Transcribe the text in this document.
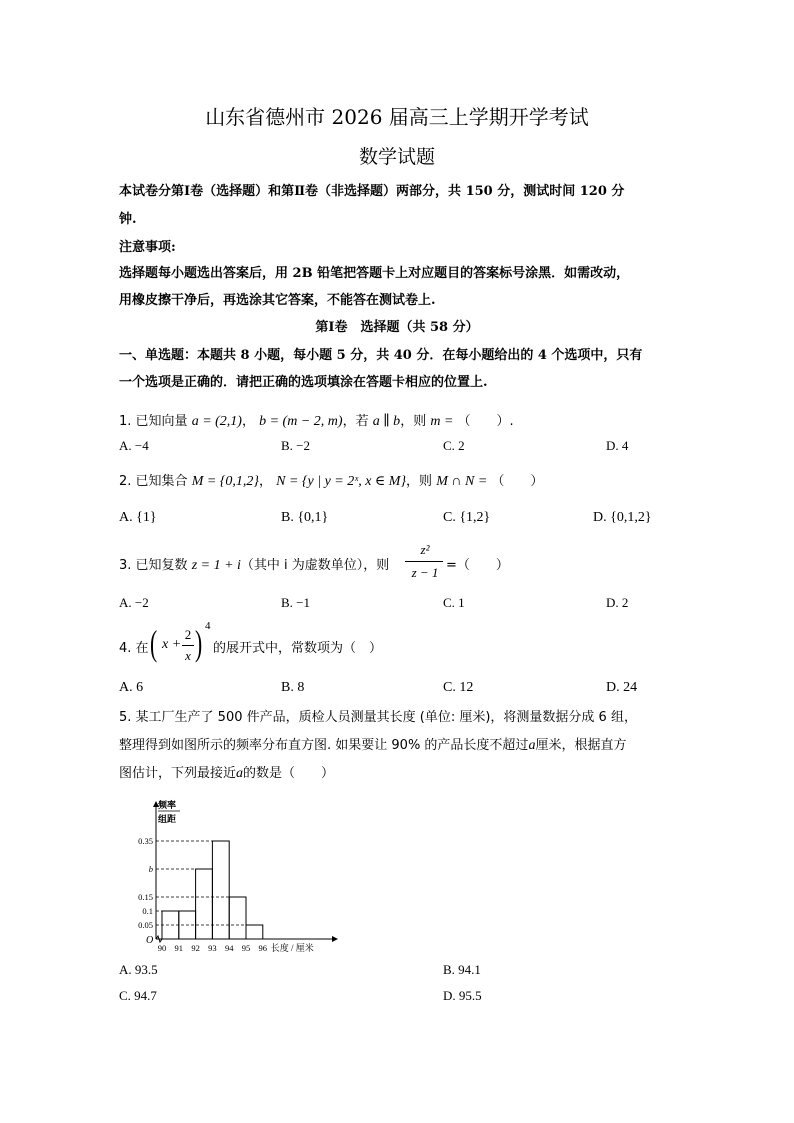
山东省德州市 2026 届高三上学期开学考试
数学试题
本试卷分第Ⅰ卷（选择题）和第Ⅱ卷（非选择题）两部分，共 150 分，测试时间 120 分
钟.
注意事项:
选择题每小题选出答案后，用 2B 铅笔把答题卡上对应题目的答案标号涂黑．如需改动，
用橡皮擦干净后，再选涂其它答案，不能答在测试卷上.
第Ⅰ卷　选择题（共 58 分）
一、单选题：本题共 8 小题，每小题 5 分，共 40 分．在每小题给出的 4 个选项中，只有
一个选项是正确的．请把正确的选项填涂在答题卡相应的位置上.
1. 已知向量 a = (2,1)， b = (m − 2, m)，若 a ∥ b，则 m = （　　）.
A. −4	B. −2	C. 2	D. 4
2. 已知集合 M = {0,1,2}， N = {y | y = 2ˣ, x ∈ M}，则 M ∩ N = （　　）
A. {1}	B. {0,1}	C. {1,2}	D. {0,1,2}
3. 已知复数 z = 1 + i（其中 i 为虚数单位），则
z²
z − 1 =（　　）
A. −2	B. −1	C. 1	D. 2
4. 在 ( x +
2
x ) 4
的展开式中，常数项为（　）
A. 6	B. 8	C. 12	D. 24
5. 某工厂生产了 500 件产品，质检人员测量其长度 (单位: 厘米)，将测量数据分成 6 组，
整理得到如图所示的频率分布直方图. 如果要让 90% 的产品长度不超过a厘米，根据直方
图估计，下列最接近a的数是（　　）
频率
组距
O
0.35
b
0.15
0.1
0.05
90 91 92 93 94 95 96 长度 / 厘米
A. 93.5	B. 94.1
C. 94.7	D. 95.5
